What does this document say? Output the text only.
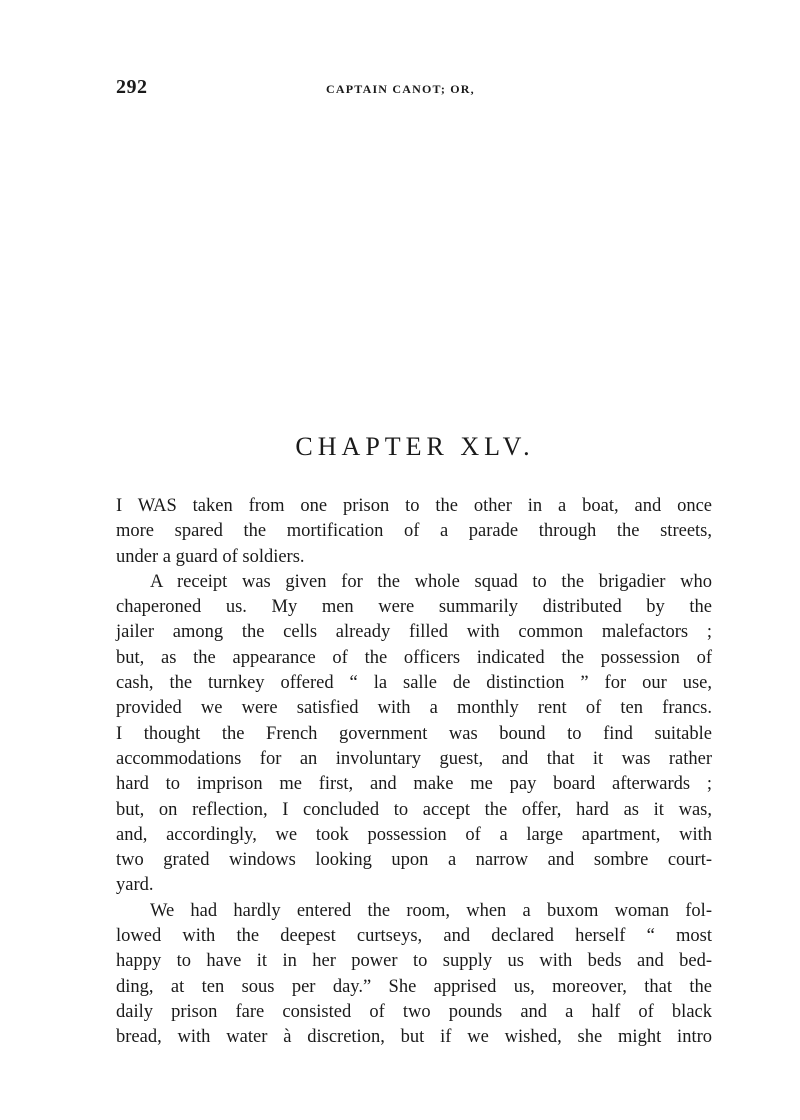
292	CAPTAIN CANOT; OR,
CHAPTER XLV.

I WAS taken from one prison to the other in a boat, and once
more spared the mortification of a parade through the streets,
under a guard of soldiers.

A receipt was given for the whole squad to the brigadier who
chaperoned us. My men were summarily distributed by the
jailer among the cells already filled with common malefactors ;
but, as the appearance of the officers indicated the possession of
cash, the turnkey offered “ la salle de distinction ” for our use,
provided we were satisfied with a monthly rent of ten francs.
I thought the French government was bound to find suitable
accommodations for an involuntary guest, and that it was rather
hard to imprison me first, and make me pay board afterwards ;
but, on reflection, I concluded to accept the offer, hard as it was,
and, accordingly, we took possession of a large apartment, with
two grated windows looking upon a narrow and sombre court-
yard.

We had hardly entered the room, when a buxom woman fol-
lowed with the deepest curtseys, and declared herself “ most
happy to have it in her power to supply us with beds and bed-
ding, at ten sous per day.” She apprised us, moreover, that the
daily prison fare consisted of two pounds and a half of black
bread, with water à discretion, but if we wished, she might intro
